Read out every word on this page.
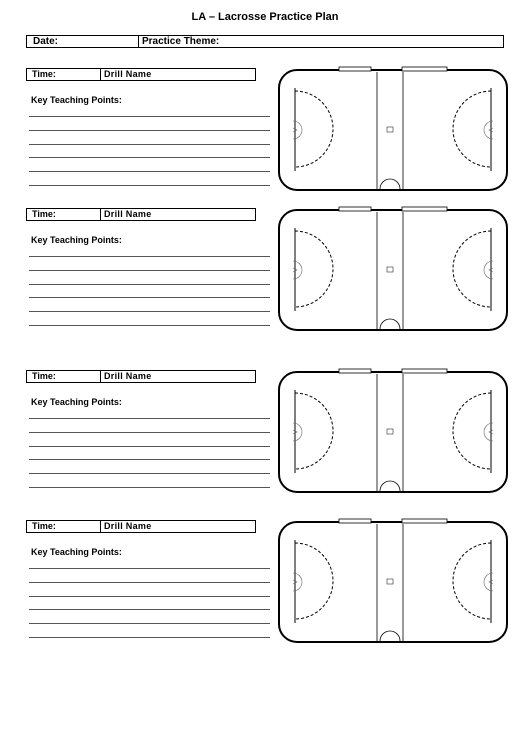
LA – Lacrosse Practice Plan
Date:	Practice Theme:
Time:	Drill Name
Key Teaching Points:
Time:	Drill Name
Key Teaching Points:
Time:	Drill Name
Key Teaching Points:
Time:	Drill Name
Key Teaching Points:
